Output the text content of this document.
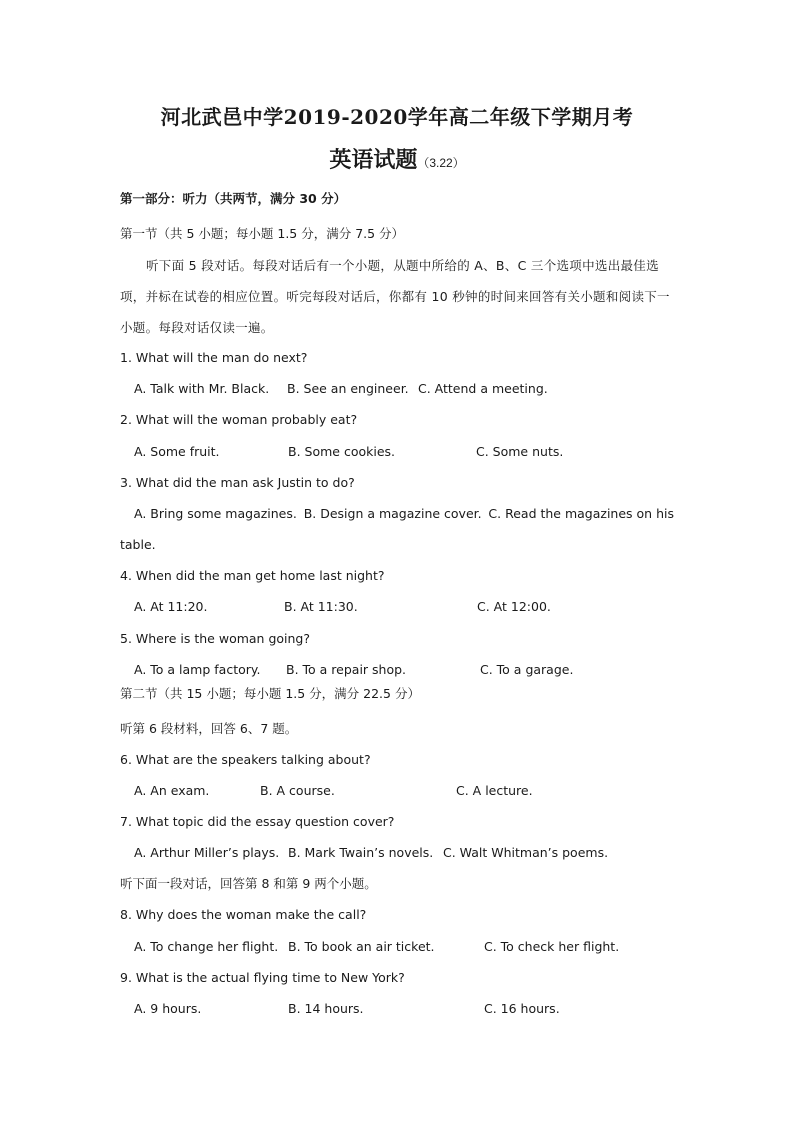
河北武邑中学2019-2020学年高二年级下学期月考
英语试题（3.22）
第一部分：听力（共两节，满分 30 分）
第一节（共 5 小题；每小题 1.5 分，满分 7.5 分）
听下面 5 段对话。每段对话后有一个小题，从题中所给的 A、B、C 三个选项中选出最佳选项，并标在试卷的相应位置。听完每段对话后，你都有 10 秒钟的时间来回答有关小题和阅读下一小题。每段对话仅读一遍。
1. What will the man do next?
A. Talk with Mr. Black. B. See an engineer. C. Attend a meeting.
2. What will the woman probably eat?
A. Some fruit.	B. Some cookies.	C. Some nuts.
3. What did the man ask Justin to do?
A. Bring some magazines. B. Design a magazine cover. C. Read the magazines on his
table.
4. When did the man get home last night?
A. At 11:20.	B. At 11:30.	C. At 12:00.
5. Where is the woman going?
A. To a lamp factory. B. To a repair shop.	C. To a garage.
第二节（共 15 小题；每小题 1.5 分，满分 22.5 分）
听第 6 段材料，回答 6、7 题。
6. What are the speakers talking about?
A. An exam.	B. A course.	C. A lecture.
7. What topic did the essay question cover?
A. Arthur Miller’s plays. B. Mark Twain’s novels. C. Walt Whitman’s poems.
听下面一段对话，回答第 8 和第 9 两个小题。
8. Why does the woman make the call?
A. To change her flight. B. To book an air ticket.	C. To check her flight.
9. What is the actual flying time to New York?
A. 9 hours.	B. 14 hours.	C. 16 hours.
